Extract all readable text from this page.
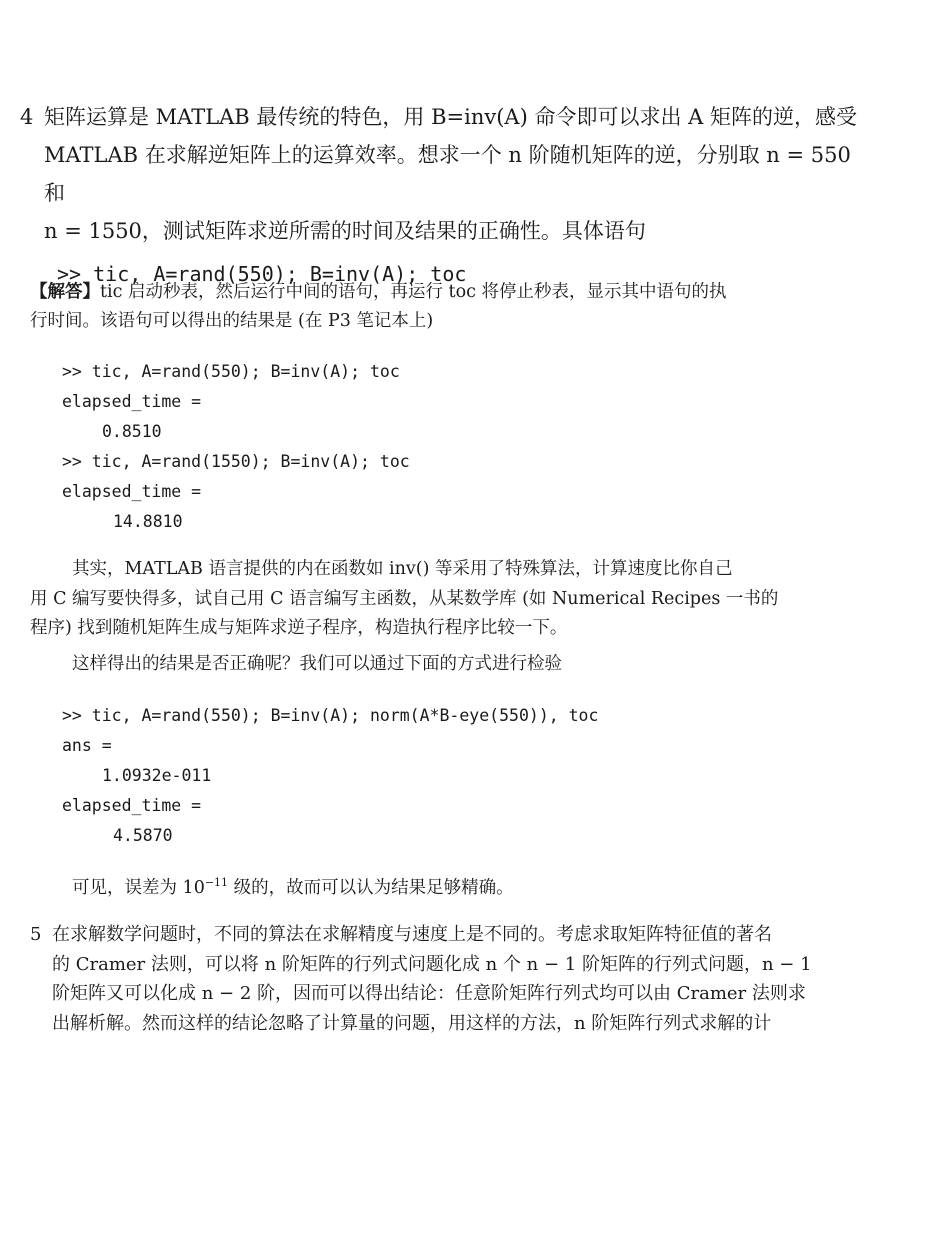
4 矩阵运算是 MATLAB 最传统的特色，用 B=inv(A) 命令即可以求出 A 矩阵的逆，感受
MATLAB 在求解逆矩阵上的运算效率。想求一个 n 阶随机矩阵的逆，分别取 n = 550 和
n = 1550，测试矩阵求逆所需的时间及结果的正确性。具体语句
>> tic, A=rand(550); B=inv(A); toc
【解答】tic 启动秒表，然后运行中间的语句，再运行 toc 将停止秒表，显示其中语句的执
行时间。该语句可以得出的结果是 (在 P3 笔记本上)
>> tic, A=rand(550); B=inv(A); toc
elapsed_time =
0.8510
>> tic, A=rand(1550); B=inv(A); toc
elapsed_time =
14.8810
其实，MATLAB 语言提供的内在函数如 inv() 等采用了特殊算法，计算速度比你自己
用 C 编写要快得多，试自己用 C 语言编写主函数，从某数学库 (如 Numerical Recipes 一书的
程序) 找到随机矩阵生成与矩阵求逆子程序，构造执行程序比较一下。
这样得出的结果是否正确呢？我们可以通过下面的方式进行检验
>> tic, A=rand(550); B=inv(A); norm(A*B-eye(550)), toc
ans =
1.0932e-011
elapsed_time =
4.5870
可见，误差为 $10^{-11}$ 级的，故而可以认为结果足够精确。
5 在求解数学问题时，不同的算法在求解精度与速度上是不同的。考虑求取矩阵特征值的著名
的 Cramer 法则，可以将 n 阶矩阵的行列式问题化成 n 个 n − 1 阶矩阵的行列式问题，n − 1
阶矩阵又可以化成 n − 2 阶，因而可以得出结论：任意阶矩阵行列式均可以由 Cramer 法则求
出解析解。然而这样的结论忽略了计算量的问题，用这样的方法，n 阶矩阵行列式求解的计
